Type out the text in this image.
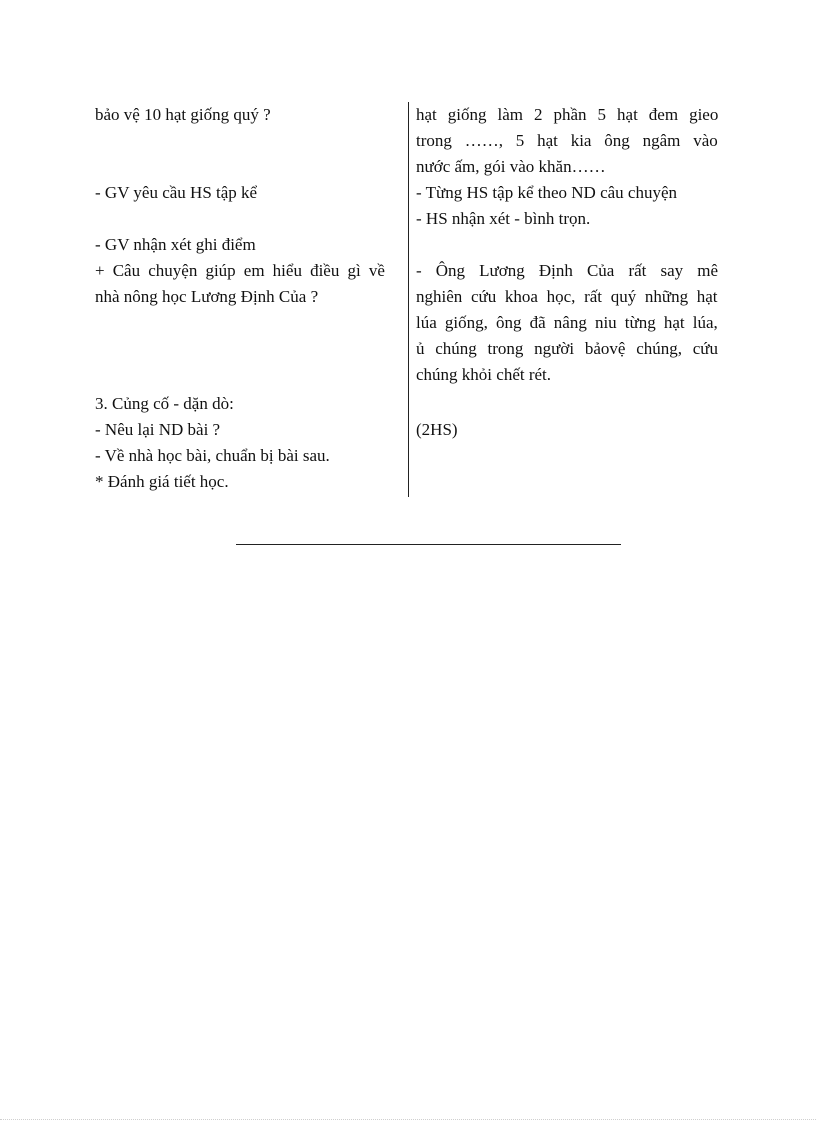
bảo vệ 10 hạt giống quý ?
- GV yêu cầu HS tập kể
- GV nhận xét ghi điểm
+ Câu chuyện giúp em hiểu điều gì về
nhà nông học Lương Định Của ?
3. Củng cố - dặn dò:
- Nêu lại ND bài ?
- Về nhà học bài, chuẩn bị bài sau.
* Đánh giá tiết học.
hạt giống làm 2 phần 5 hạt đem gieo
trong ……, 5 hạt kia ông ngâm vào
nước ấm, gói vào khăn……
- Từng HS tập kể theo ND câu chuyện
- HS nhận xét - bình trọn.
- Ông Lương Định Của rất say mê
nghiên cứu khoa học, rất quý những hạt
lúa giống, ông đã nâng niu từng hạt lúa,
ủ chúng trong người bảovệ chúng, cứu
chúng khỏi chết rét.
(2HS)
